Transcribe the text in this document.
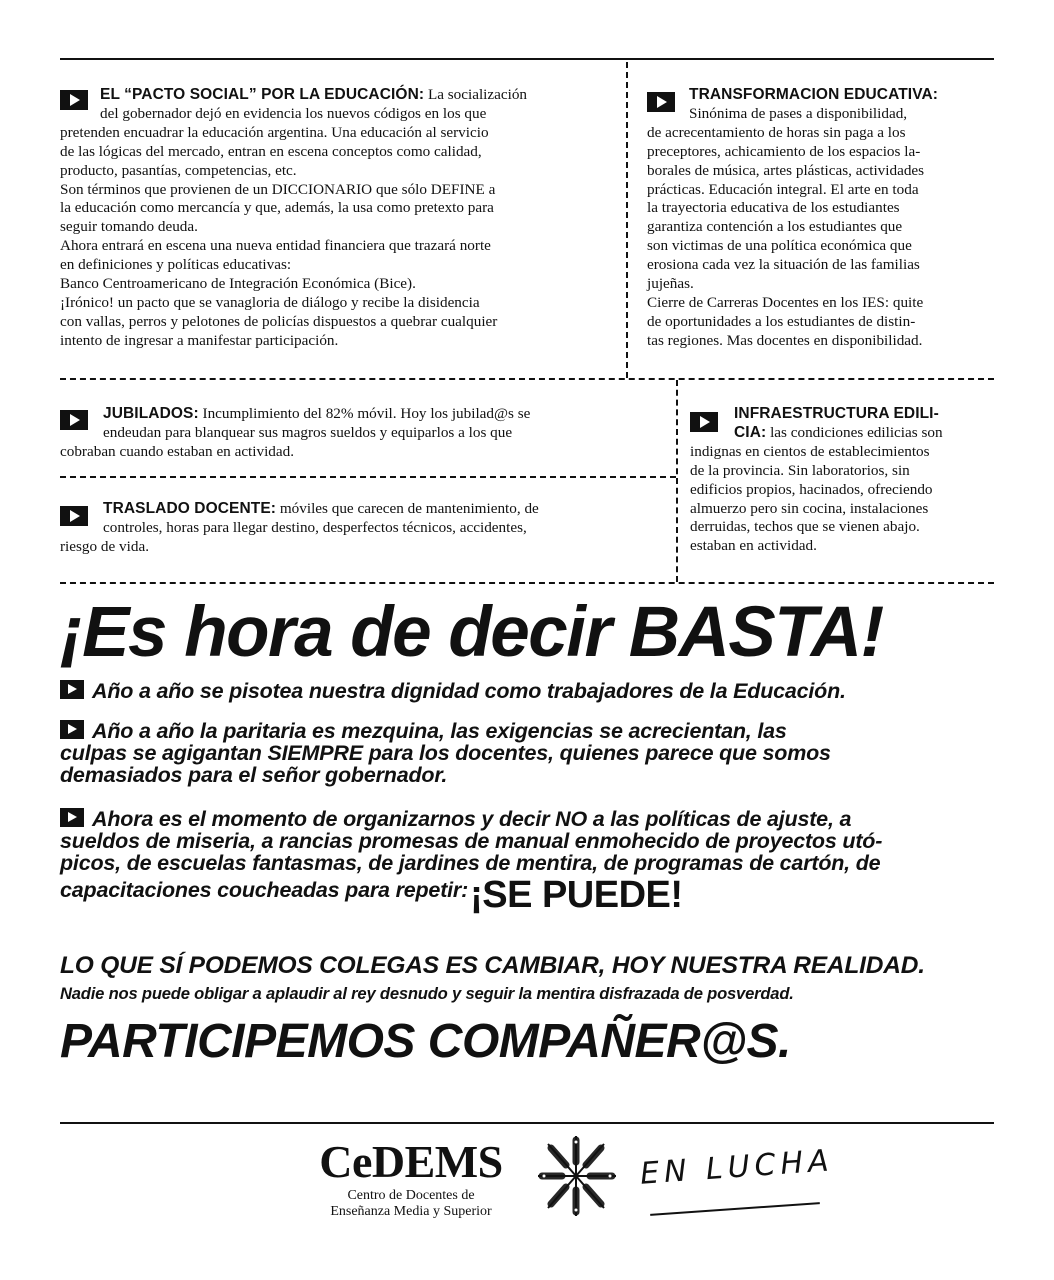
EL “PACTO SOCIAL” POR LA EDUCACIÓN: La socialización

del gobernador dejó en evidencia los nuevos códigos en los que

pretenden encuadrar la educación argentina. Una educación al servicio

de las lógicas del mercado, entran en escena conceptos como calidad,

producto, pasantías, competencias, etc.

Son términos que provienen de un DICCIONARIO que sólo DEFINE a

la educación como mercancía y que, además, la usa como pretexto para

seguir tomando deuda.

Ahora entrará en escena una nueva entidad financiera que trazará norte

en definiciones y políticas educativas:

Banco Centroamericano de Integración Económica (Bice).

¡Irónico! un pacto que se vanagloria de diálogo y recibe la disidencia

con vallas, perros y pelotones de policías dispuestos a quebrar cualquier

intento de ingresar a manifestar participación.

TRANSFORMACION EDUCATIVA:

Sinónima de pases a disponibilidad,

de acrecentamiento de horas sin paga a los

preceptores, achicamiento de los espacios la-

borales de música, artes plásticas, actividades

prácticas. Educación integral. El arte en toda

la trayectoria educativa de los estudiantes

garantiza contención a los estudiantes que

son victimas de una política económica que

erosiona cada vez la situación de las familias

jujeñas.

Cierre de Carreras Docentes en los IES: quite

de oportunidades a los estudiantes de distin-

tas regiones. Mas docentes en disponibilidad.

JUBILADOS: Incumplimiento del 82% móvil. Hoy los jubilad@s se

endeudan para blanquear sus magros sueldos y equiparlos a los que

cobraban cuando estaban en actividad.

TRASLADO DOCENTE: móviles que carecen de mantenimiento, de

controles, horas para llegar destino, desperfectos técnicos, accidentes,

riesgo de vida.

INFRAESTRUCTURA EDILI-

CIA: las condiciones edilicias son

indignas en cientos de establecimientos

de la provincia. Sin laboratorios, sin

edificios propios, hacinados, ofreciendo

almuerzo pero sin cocina, instalaciones

derruidas, techos que se vienen abajo.

estaban en actividad.

¡Es hora de decir BASTA!

Año a año se pisotea nuestra dignidad como trabajadores de la Educación.

Año a año la paritaria es mezquina, las exigencias se acrecientan, las

culpas se agigantan SIEMPRE para los docentes, quienes parece que somos

demasiados para el señor gobernador.

Ahora es el momento de organizarnos y decir NO a las políticas de ajuste, a

sueldos de miseria, a rancias promesas de manual enmohecido de proyectos utó-

picos, de escuelas fantasmas, de jardines de mentira, de programas de cartón, de

capacitaciones coucheadas para repetir:¡SE PUEDE!

LO QUE SÍ PODEMOS COLEGAS ES CAMBIAR, HOY NUESTRA REALIDAD.
Nadie nos puede obligar a aplaudir al rey desnudo y seguir la mentira disfrazada de posverdad.
PARTICIPEMOS COMPAÑER@S.
CeDEMS
Centro de Docentes de
Enseñanza Media y Superior
EN LUCHA
